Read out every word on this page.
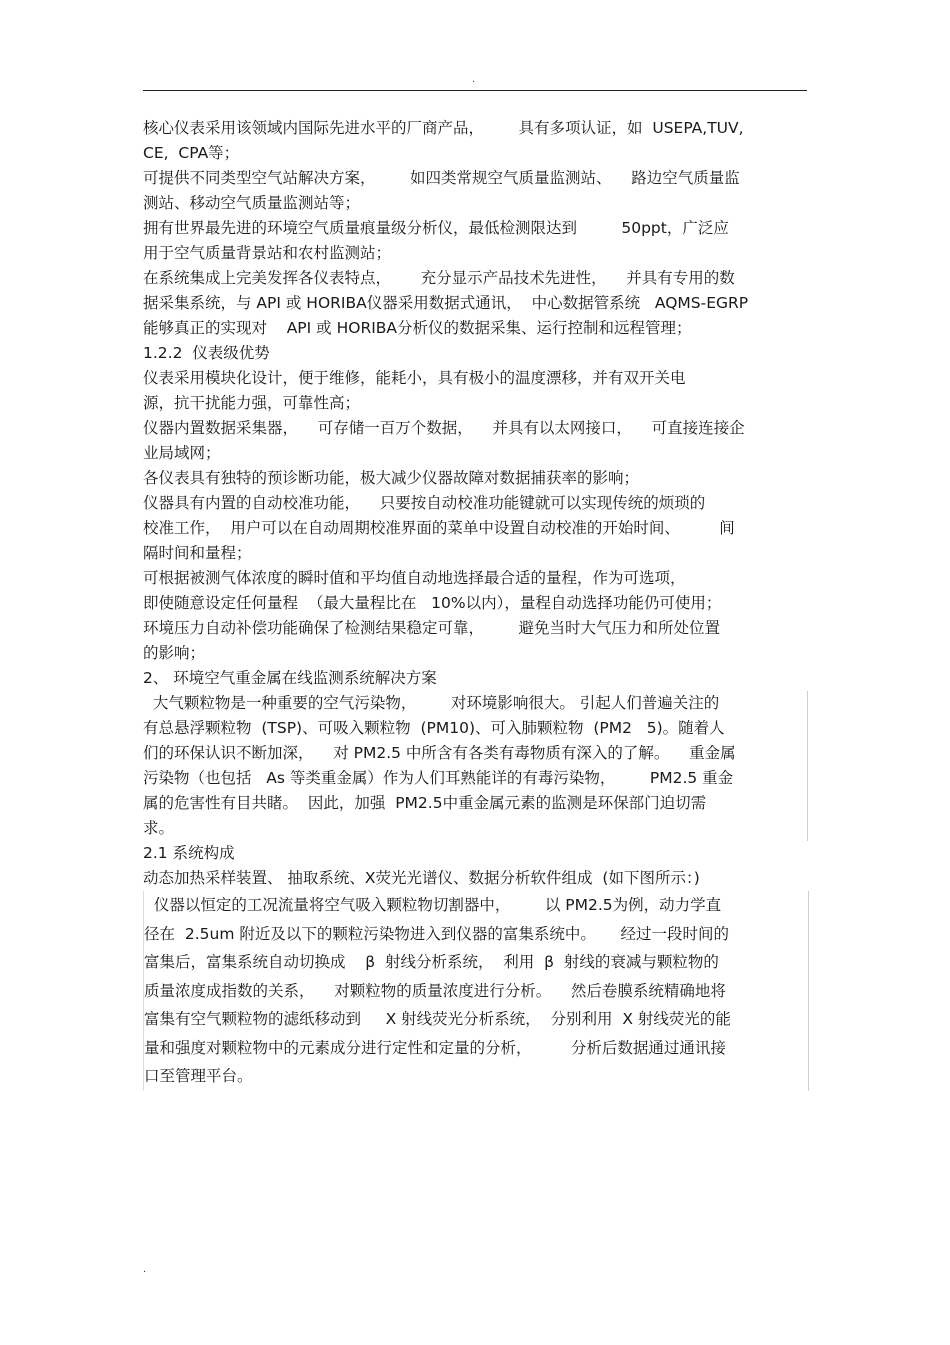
.
核心仪表采用该领域内国际先进水平的厂商产品，       具有多项认证，如  USEPA,TUV,
CE,  CPA等；
可提供不同类型空气站解决方案，       如四类常规空气质量监测站、    路边空气质量监
测站、移动空气质量监测站等；
拥有世界最先进的环境空气质量痕量级分析仪，最低检测限达到         50ppt，广泛应
用于空气质量背景站和农村监测站；
在系统集成上完美发挥各仪表特点，      充分显示产品技术先进性，    并具有专用的数
据采集系统，与 API 或 HORIBA仪器采用数据式通讯，  中心数据管系统   AQMS-EGRP
能够真正的实现对    API 或 HORIBA分析仪的数据采集、运行控制和远程管理；
1.2.2  仪表级优势
仪表采用模块化设计，便于维修，能耗小，具有极小的温度漂移，并有双开关电
源，抗干扰能力强，可靠性高；
仪器内置数据采集器，    可存储一百万个数据，    并具有以太网接口，    可直接连接企
业局域网；
各仪表具有独特的预诊断功能，极大减少仪器故障对数据捕获率的影响；
仪器具有内置的自动校准功能，    只要按自动校准功能键就可以实现传统的烦琐的
校准工作，  用户可以在自动周期校准界面的菜单中设置自动校准的开始时间、        间
隔时间和量程；
可根据被测气体浓度的瞬时值和平均值自动地选择最合适的量程，作为可选项，
即使随意设定任何量程  （最大量程比在   10%以内），量程自动选择功能仍可使用；
环境压力自动补偿功能确保了检测结果稳定可靠，       避免当时大气压力和所处位置
的影响；
2、 环境空气重金属在线监测系统解决方案
大气颗粒物是一种重要的空气污染物，       对环境影响很大。 引起人们普遍关注的
有总悬浮颗粒物  (TSP)、可吸入颗粒物  (PM10)、可入肺颗粒物  (PM2   5)。随着人
们的环保认识不断加深，    对 PM2.5 中所含有各类有毒物质有深入的了解。    重金属
污染物（也包括   As 等类重金属）作为人们耳熟能详的有毒污染物，       PM2.5 重金
属的危害性有目共睹。  因此，加强  PM2.5中重金属元素的监测是环保部门迫切需
求。
2.1 系统构成
动态加热采样装置、 抽取系统、X荧光光谱仪、数据分析软件组成  (如下图所示：)
仪器以恒定的工况流量将空气吸入颗粒物切割器中，       以 PM2.5为例，动力学直
径在  2.5um 附近及以下的颗粒污染物进入到仪器的富集系统中。     经过一段时间的
富集后，富集系统自动切换成    β  射线分析系统，  利用  β  射线的衰减与颗粒物的
质量浓度成指数的关系，    对颗粒物的质量浓度进行分析。    然后卷膜系统精确地将
富集有空气颗粒物的滤纸移动到     X 射线荧光分析系统，  分别利用  X 射线荧光的能
量和强度对颗粒物中的元素成分进行定性和定量的分析，        分析后数据通过通讯接
口至管理平台。
.
